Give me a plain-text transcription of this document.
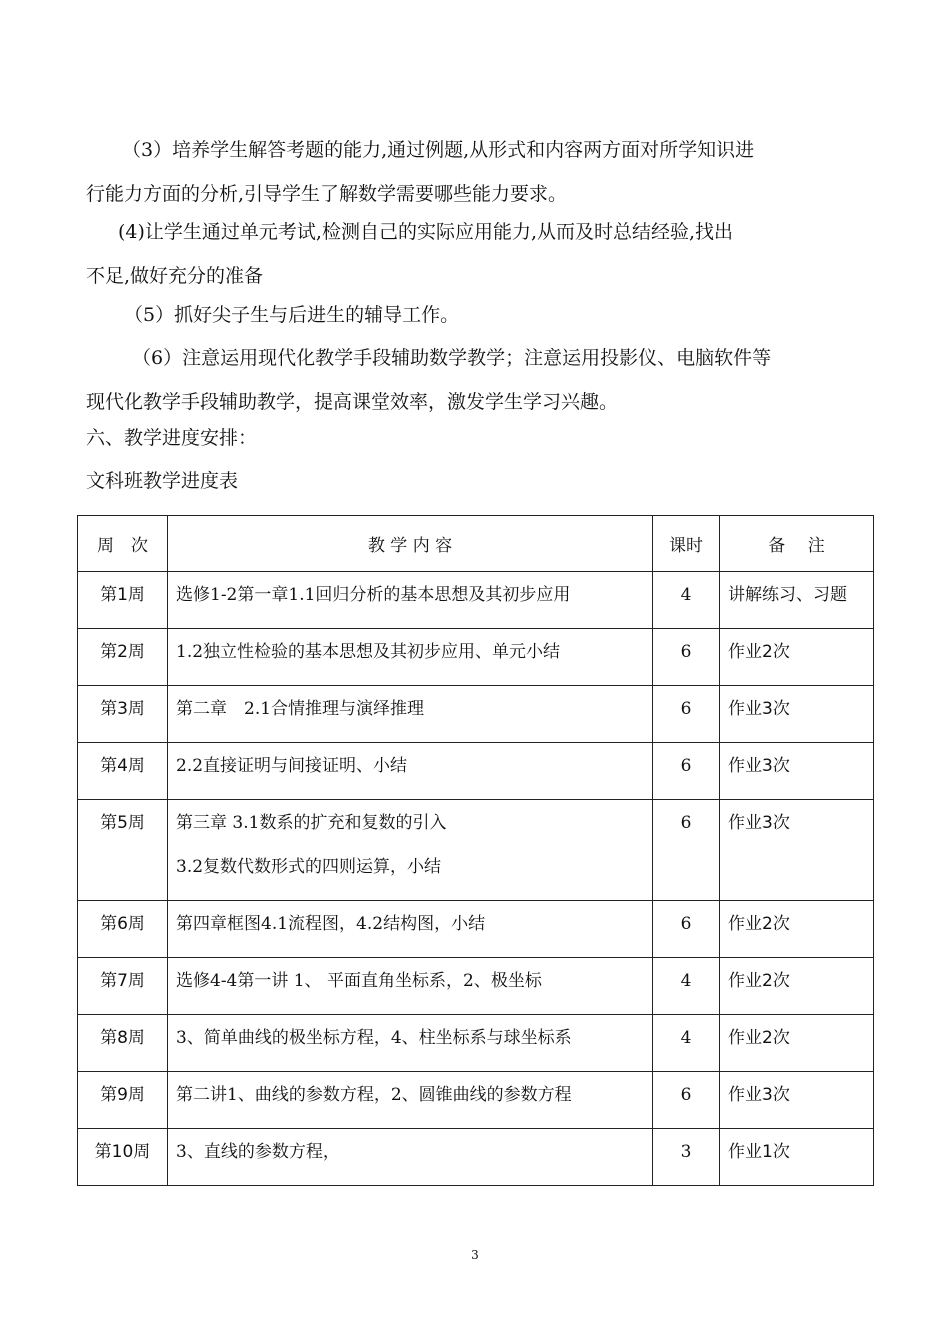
（3）培养学生解答考题的能力,通过例题,从形式和内容两方面对所学知识进
行能力方面的分析,引导学生了解数学需要哪些能力要求。

(4)让学生通过单元考试,检测自己的实际应用能力,从而及时总结经验,找出
不足,做好充分的准备

（5）抓好尖子生与后进生的辅导工作。

（6）注意运用现代化教学手段辅助数学教学；注意运用投影仪、电脑软件等
现代化教学手段辅助教学，提高课堂效率，激发学生学习兴趣。

六、教学进度安排：
文科班教学进度表
周　次	教 学 内 容	课时	备　 注

第1周	选修1-2第一章1.1回归分析的基本思想及其初步应用	4	讲解练习、习题

第2周	1.2独立性检验的基本思想及其初步应用、单元小结	6	作业2次

第3周	第二章　2.1合情推理与演绎推理	6	作业3次

第4周	2.2直接证明与间接证明、小结	6	作业3次

第5周	第三章 3.1数系的扩充和复数的引入
3.2复数代数形式的四则运算，小结	6	作业3次

第6周	第四章框图4.1流程图，4.2结构图，小结	6	作业2次

第7周	选修4-4第一讲 1、 平面直角坐标系，2、极坐标	4	作业2次

第8周	3、简单曲线的极坐标方程，4、柱坐标系与球坐标系	4	作业2次

第9周	第二讲1、曲线的参数方程，2、圆锥曲线的参数方程	6	作业3次

第10周	3、直线的参数方程，	3	作业1次
3
